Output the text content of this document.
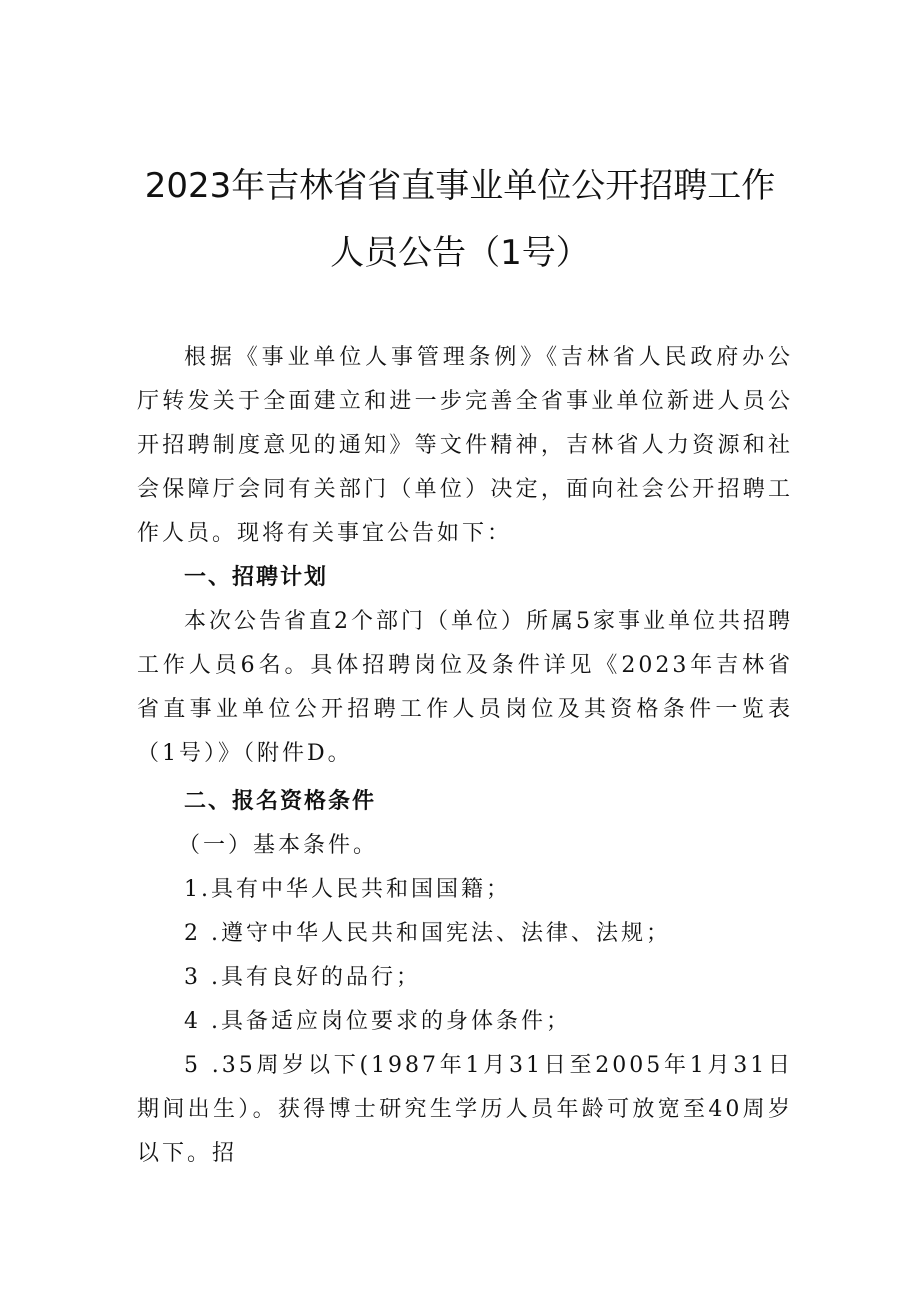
2023年吉林省省直事业单位公开招聘工作
人员公告（1号）

根据《事业单位人事管理条例》《吉林省人民政府办公厅转发关于全面建立和进一步完善全省事业单位新进人员公开招聘制度意见的通知》等文件精神，吉林省人力资源和社会保障厅会同有关部门（单位）决定，面向社会公开招聘工作人员。现将有关事宜公告如下：

一、招聘计划

本次公告省直2个部门（单位）所属5家事业单位共招聘工作人员6名。具体招聘岗位及条件详见《2023年吉林省省直事业单位公开招聘工作人员岗位及其资格条件一览表（1号）》（附件D。

二、报名资格条件

（一）基本条件。

1.具有中华人民共和国国籍；

2 .遵守中华人民共和国宪法、法律、法规；

3 .具有良好的品行；

4 .具备适应岗位要求的身体条件；

5 .35周岁以下(1987年1月31日至2005年1月31日期间出生）。获得博士研究生学历人员年龄可放宽至40周岁以下。招
